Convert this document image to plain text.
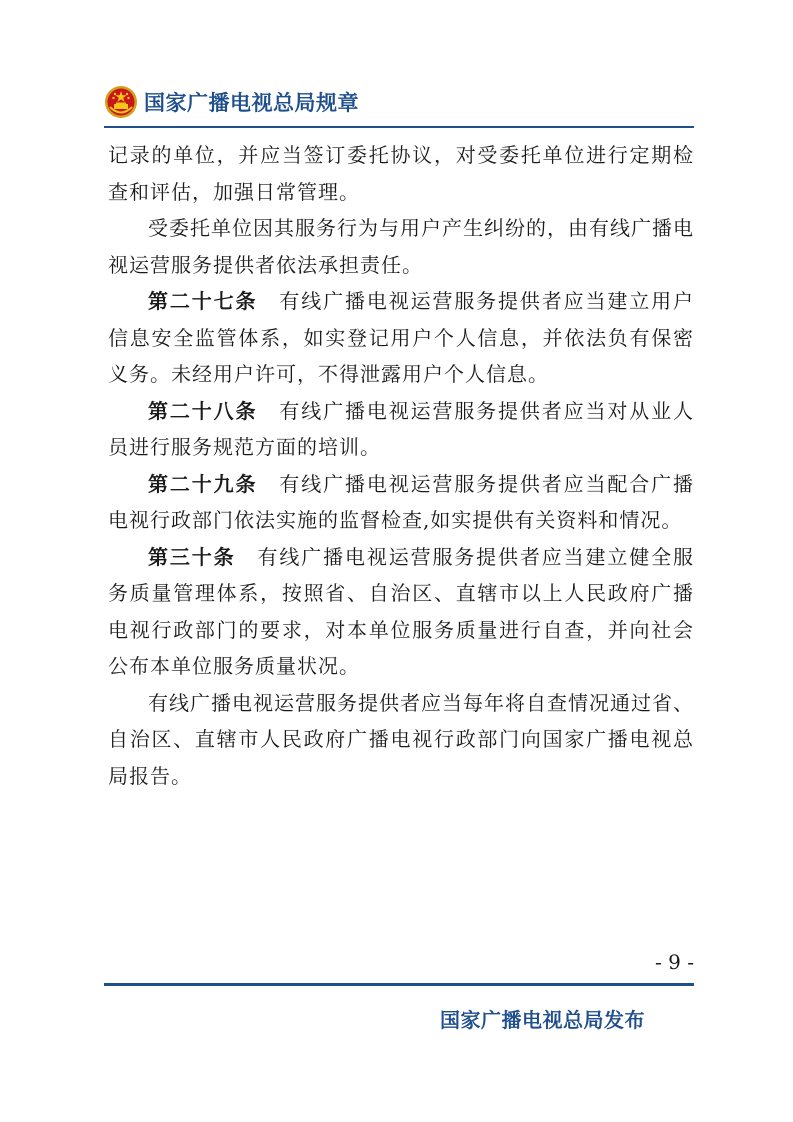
国家广播电视总局规章

记录的单位，并应当签订委托协议，对受委托单位进行定期检查和评估，加强日常管理。

受委托单位因其服务行为与用户产生纠纷的，由有线广播电视运营服务提供者依法承担责任。

第二十七条 有线广播电视运营服务提供者应当建立用户信息安全监管体系，如实登记用户个人信息，并依法负有保密义务。未经用户许可，不得泄露用户个人信息。

第二十八条 有线广播电视运营服务提供者应当对从业人员进行服务规范方面的培训。

第二十九条 有线广播电视运营服务提供者应当配合广播电视行政部门依法实施的监督检查,如实提供有关资料和情况。

第三十条 有线广播电视运营服务提供者应当建立健全服务质量管理体系，按照省、自治区、直辖市以上人民政府广播电视行政部门的要求，对本单位服务质量进行自查，并向社会公布本单位服务质量状况。

有线广播电视运营服务提供者应当每年将自查情况通过省、自治区、直辖市人民政府广播电视行政部门向国家广播电视总局报告。

- 9 -
国家广播电视总局发布
